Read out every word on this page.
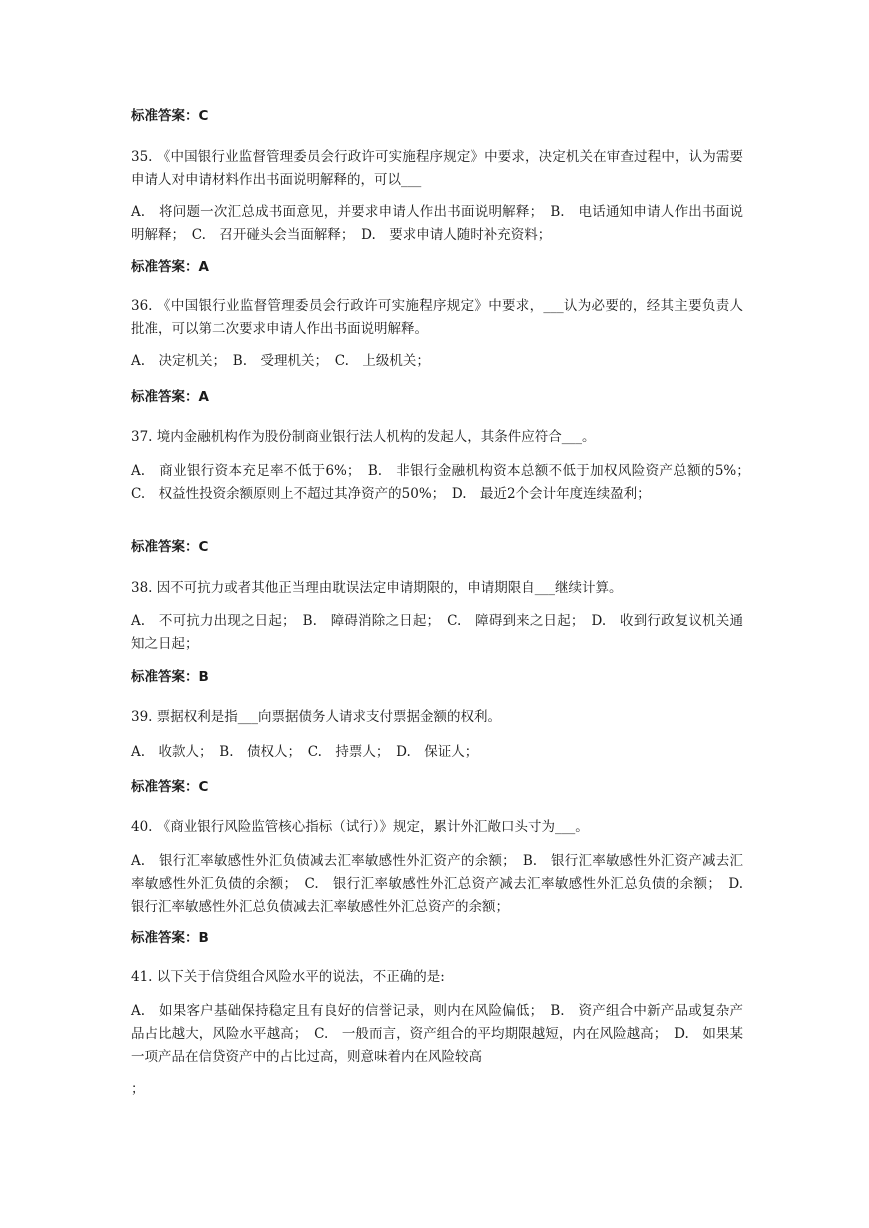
标准答案：C
35. 《中国银行业监督管理委员会行政许可实施程序规定》中要求，决定机关在审查过程中，认为需要申请人对申请材料作出书面说明解释的，可以___
A.　将问题一次汇总成书面意见，并要求申请人作出书面说明解释；　B.　电话通知申请人作出书面说明解释；　C.　召开碰头会当面解释；　D.　要求申请人随时补充资料；
标准答案：A
36. 《中国银行业监督管理委员会行政许可实施程序规定》中要求，___认为必要的，经其主要负责人批准，可以第二次要求申请人作出书面说明解释。
A.　决定机关；　B.　受理机关；　C.　上级机关；
标准答案：A
37. 境内金融机构作为股份制商业银行法人机构的发起人，其条件应符合___。
A.　商业银行资本充足率不低于6%；　B.　非银行金融机构资本总额不低于加权风险资产总额的5%；　C.　权益性投资余额原则上不超过其净资产的50%；　D.　最近2个会计年度连续盈利；
标准答案：C
38. 因不可抗力或者其他正当理由耽误法定申请期限的，申请期限自___继续计算。
A.　不可抗力出现之日起；　B.　障碍消除之日起；　C.　障碍到来之日起；　D.　收到行政复议机关通知之日起；
标准答案：B
39. 票据权利是指___向票据债务人请求支付票据金额的权利。
A.　收款人；　B.　债权人；　C.　持票人；　D.　保证人；
标准答案：C
40. 《商业银行风险监管核心指标（试行）》规定，累计外汇敞口头寸为___。
A.　银行汇率敏感性外汇负债减去汇率敏感性外汇资产的余额；　B.　银行汇率敏感性外汇资产减去汇率敏感性外汇负债的余额；　C.　银行汇率敏感性外汇总资产减去汇率敏感性外汇总负债的余额；　D.　银行汇率敏感性外汇总负债减去汇率敏感性外汇总资产的余额；
标准答案：B
41. 以下关于信贷组合风险水平的说法，不正确的是:
A.　如果客户基础保持稳定且有良好的信誉记录，则内在风险偏低；　B.　资产组合中新产品或复杂产品占比越大，风险水平越高；　C.　一般而言，资产组合的平均期限越短，内在风险越高；　D.　如果某一项产品在信贷资产中的占比过高，则意味着内在风险较高
；
